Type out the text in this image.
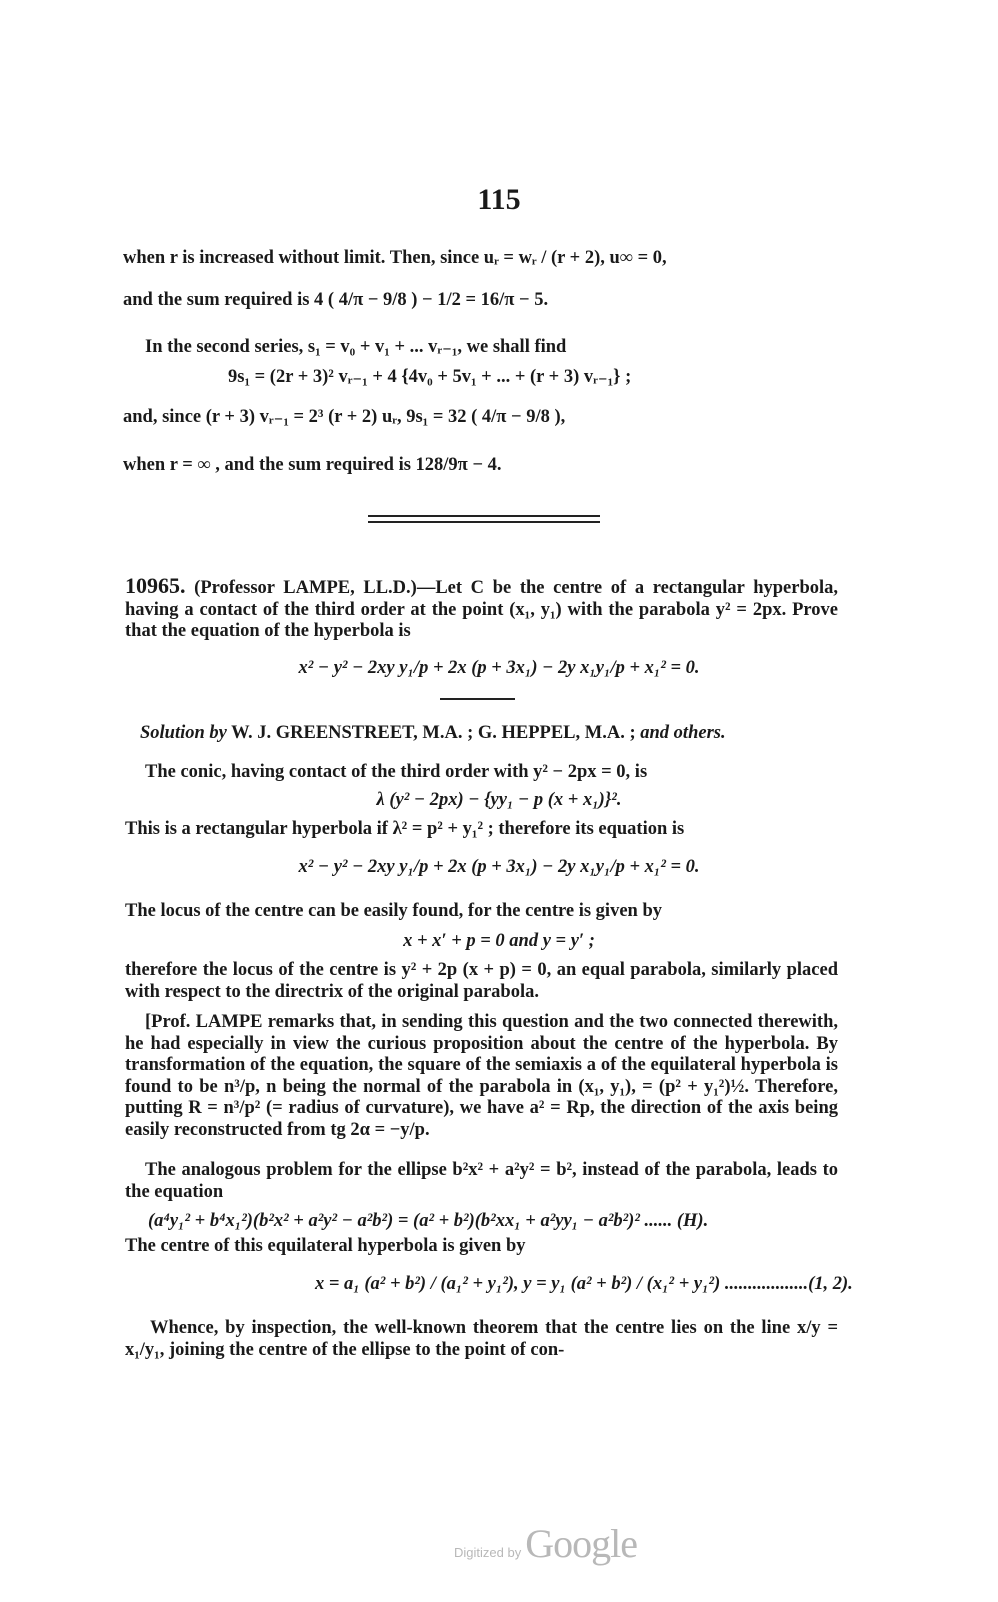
115
when r is increased without limit. Then, since uᵣ = wᵣ / (r + 2), u∞ = 0,
and the sum required is 4 ( 4/π − 9/8 ) − 1/2 = 16/π − 5.
In the second series, s₁ = v₀ + v₁ + ... vᵣ₋₁, we shall find
9s₁ = (2r + 3)² vᵣ₋₁ + 4 {4v₀ + 5v₁ + ... + (r + 3) vᵣ₋₁} ;
and, since (r + 3) vᵣ₋₁ = 2³ (r + 2) uᵣ, 9s₁ = 32 ( 4/π − 9/8 ),
when r = ∞ , and the sum required is 128/9π − 4.
10965. (Professor LAMPE, LL.D.)—Let C be the centre of a rectangular hyperbola, having a contact of the third order at the point (x₁, y₁) with the parabola y² = 2px. Prove that the equation of the hyperbola is
x² − y² − 2xy y₁/p + 2x (p + 3x₁) − 2y x₁y₁/p + x₁² = 0.
Solution by W. J. GREENSTREET, M.A. ; G. HEPPEL, M.A. ; and others.
The conic, having contact of the third order with y² − 2px = 0, is
λ (y² − 2px) − {yy₁ − p (x + x₁)}².
This is a rectangular hyperbola if λ² = p² + y₁² ; therefore its equation is
x² − y² − 2xy y₁/p + 2x (p + 3x₁) − 2y x₁y₁/p + x₁² = 0.
The locus of the centre can be easily found, for the centre is given by
x + x′ + p = 0 and y = y′ ;
therefore the locus of the centre is y² + 2p (x + p) = 0, an equal parabola, similarly placed with respect to the directrix of the original parabola.
[Prof. LAMPE remarks that, in sending this question and the two connected therewith, he had especially in view the curious proposition about the centre of the hyperbola. By transformation of the equation, the square of the semiaxis a of the equilateral hyperbola is found to be n³/p, n being the normal of the parabola in (x₁, y₁), = (p² + y₁²)½. Therefore, putting R = n³/p² (= radius of curvature), we have a² = Rp, the direction of the axis being easily reconstructed from tg 2α = −y/p.
The analogous problem for the ellipse b²x² + a²y² = b², instead of the parabola, leads to the equation
(a⁴y₁² + b⁴x₁²)(b²x² + a²y² − a²b²) = (a² + b²)(b²xx₁ + a²yy₁ − a²b²)² ...... (H).
The centre of this equilateral hyperbola is given by
x = a₁ (a² + b²) / (a₁² + y₁²), y = y₁ (a² + b²) / (x₁² + y₁²) ..................(1, 2).
Whence, by inspection, the well-known theorem that the centre lies on the line x/y = x₁/y₁, joining the centre of the ellipse to the point of con-
Digitized by Google
